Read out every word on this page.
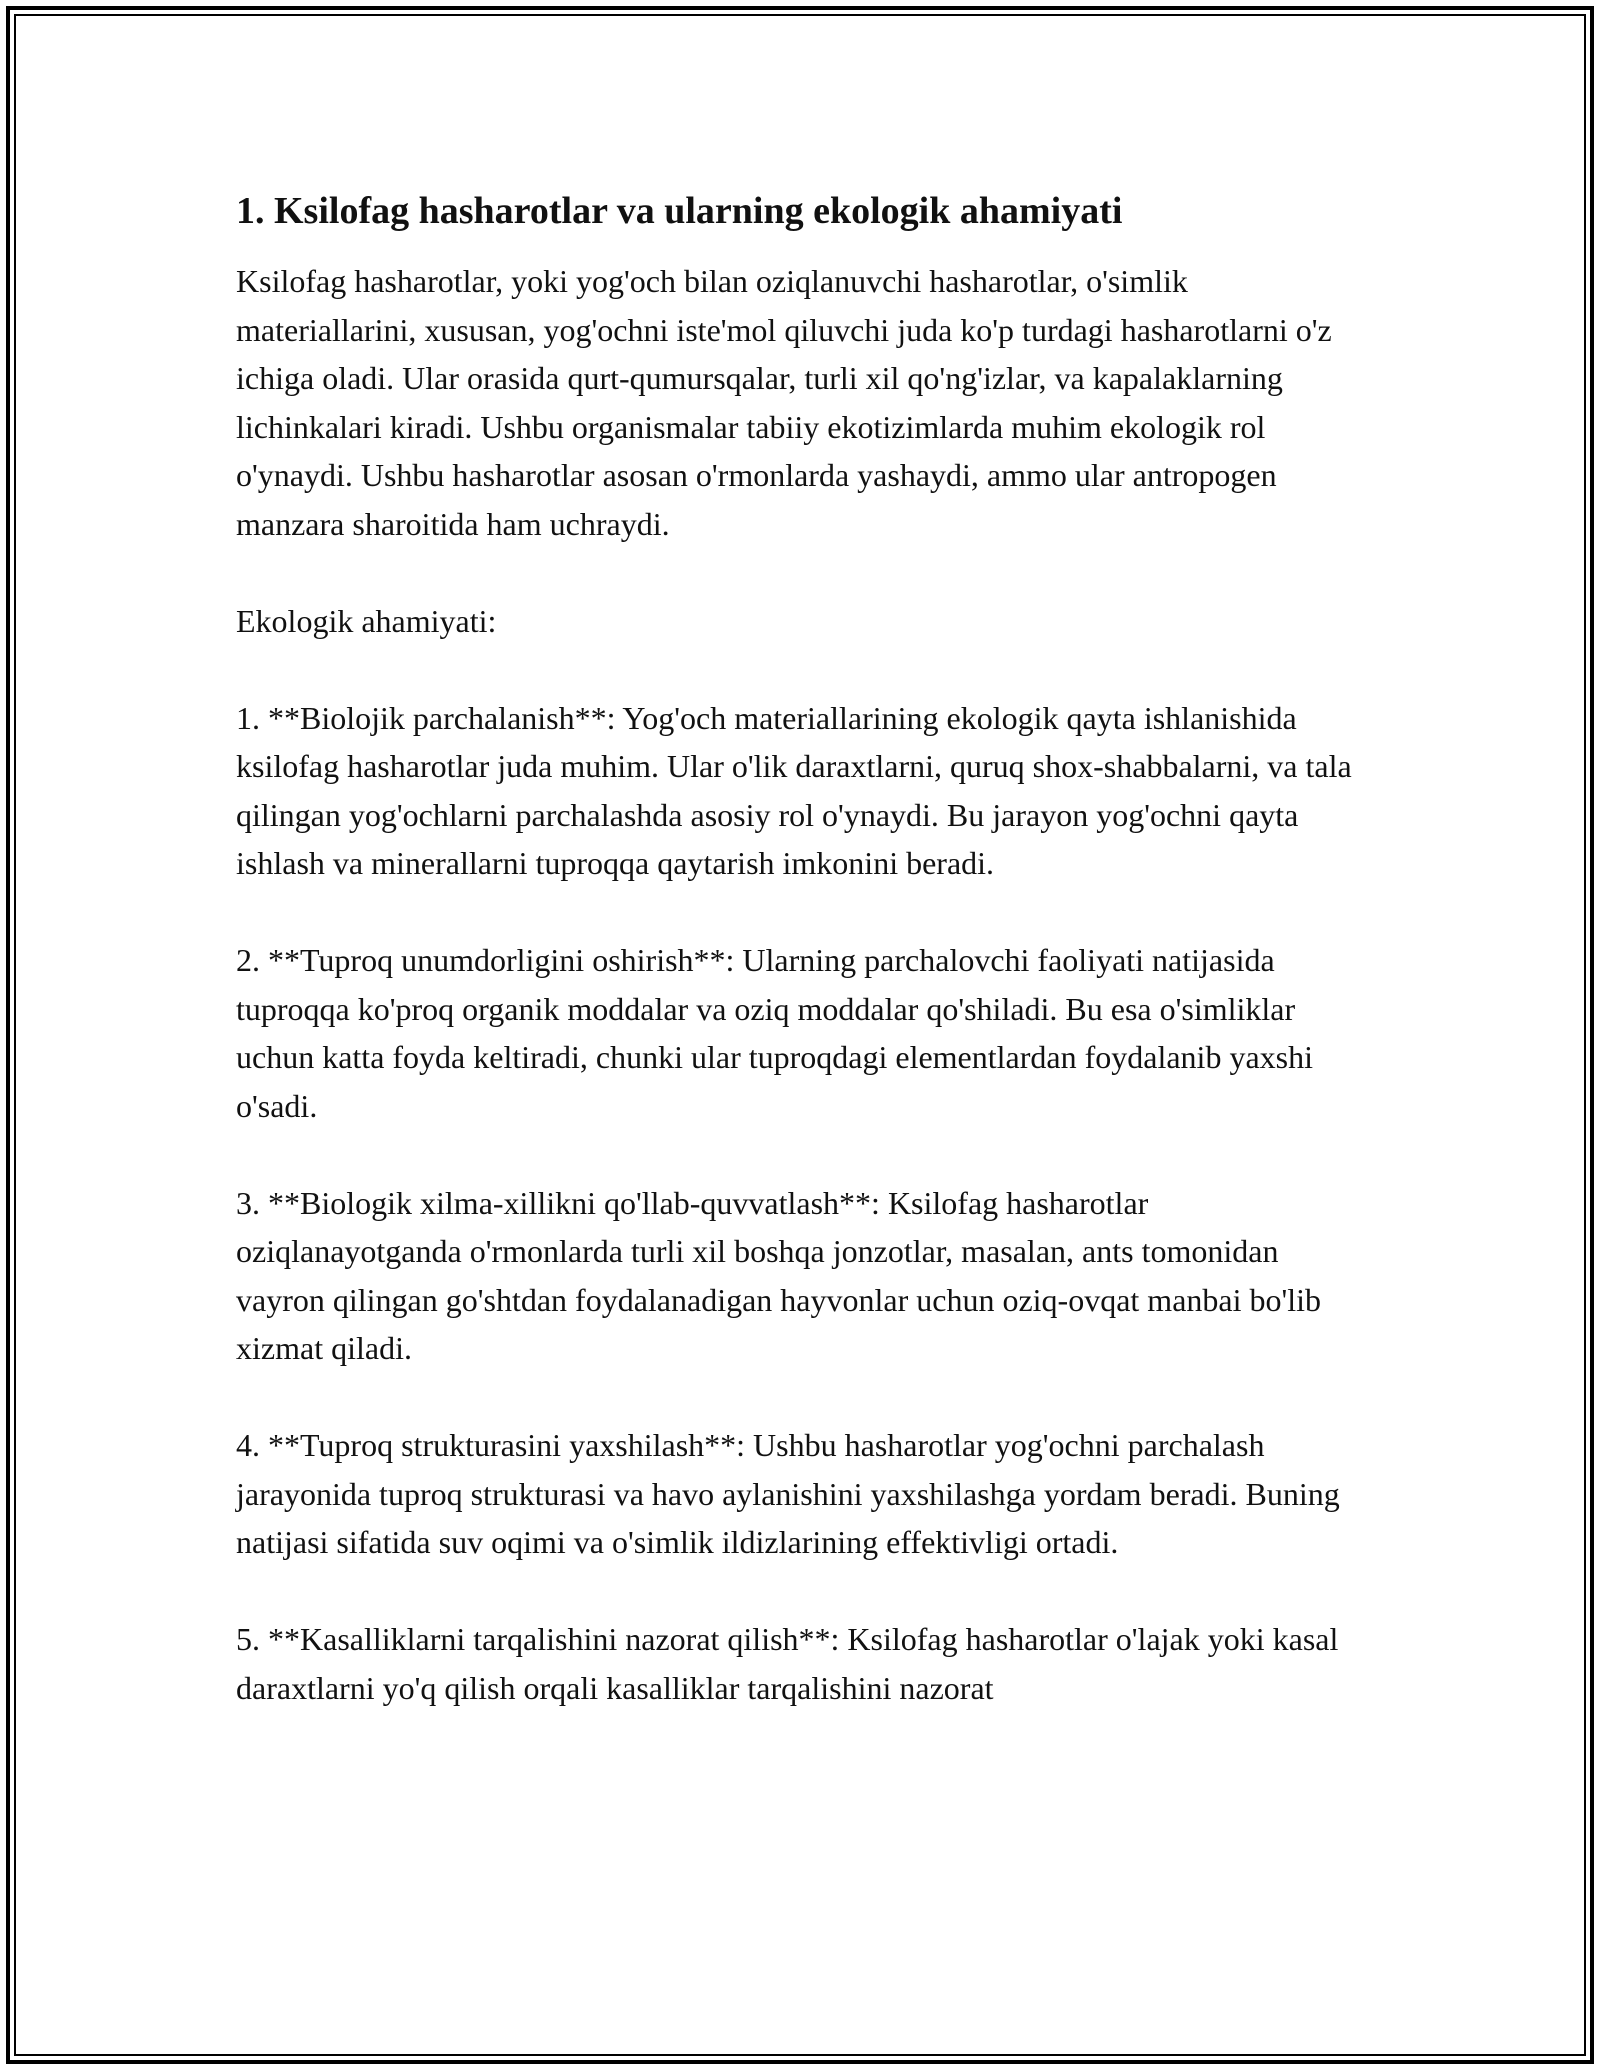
1. Ksilofag hasharotlar va ularning ekologik ahamiyati

Ksilofag hasharotlar, yoki yog'och bilan oziqlanuvchi hasharotlar, o'simlik materiallarini, xususan, yog'ochni iste'mol qiluvchi juda ko'p turdagi hasharotlarni o'z ichiga oladi. Ular orasida qurt-qumursqalar, turli xil qo'ng'izlar, va kapalaklarning lichinkalari kiradi. Ushbu organismalar tabiiy ekotizimlarda muhim ekologik rol o'ynaydi. Ushbu hasharotlar asosan o'rmonlarda yashaydi, ammo ular antropogen manzara sharoitida ham uchraydi.

Ekologik ahamiyati:

1. **Biolojik parchalanish**: Yog'och materiallarining ekologik qayta ishlanishida ksilofag hasharotlar juda muhim. Ular o'lik daraxtlarni, quruq shox-shabbalarni, va tala qilingan yog'ochlarni parchalashda asosiy rol o'ynaydi. Bu jarayon yog'ochni qayta ishlash va minerallarni tuproqqa qaytarish imkonini beradi.

2. **Tuproq unumdorligini oshirish**: Ularning parchalovchi faoliyati natijasida tuproqqa ko'proq organik moddalar va oziq moddalar qo'shiladi. Bu esa o'simliklar uchun katta foyda keltiradi, chunki ular tuproqdagi elementlardan foydalanib yaxshi o'sadi.

3. **Biologik xilma-xillikni qo'llab-quvvatlash**: Ksilofag hasharotlar oziqlanayotganda o'rmonlarda turli xil boshqa jonzotlar, masalan, ants tomonidan vayron qilingan go'shtdan foydalanadigan hayvonlar uchun oziq-ovqat manbai bo'lib xizmat qiladi.

4. **Tuproq strukturasini yaxshilash**: Ushbu hasharotlar yog'ochni parchalash jarayonida tuproq strukturasi va havo aylanishini yaxshilashga yordam beradi. Buning natijasi sifatida suv oqimi va o'simlik ildizlarining effektivligi ortadi.

5. **Kasalliklarni tarqalishini nazorat qilish**: Ksilofag hasharotlar o'lajak yoki kasal daraxtlarni yo'q qilish orqali kasalliklar tarqalishini nazorat
